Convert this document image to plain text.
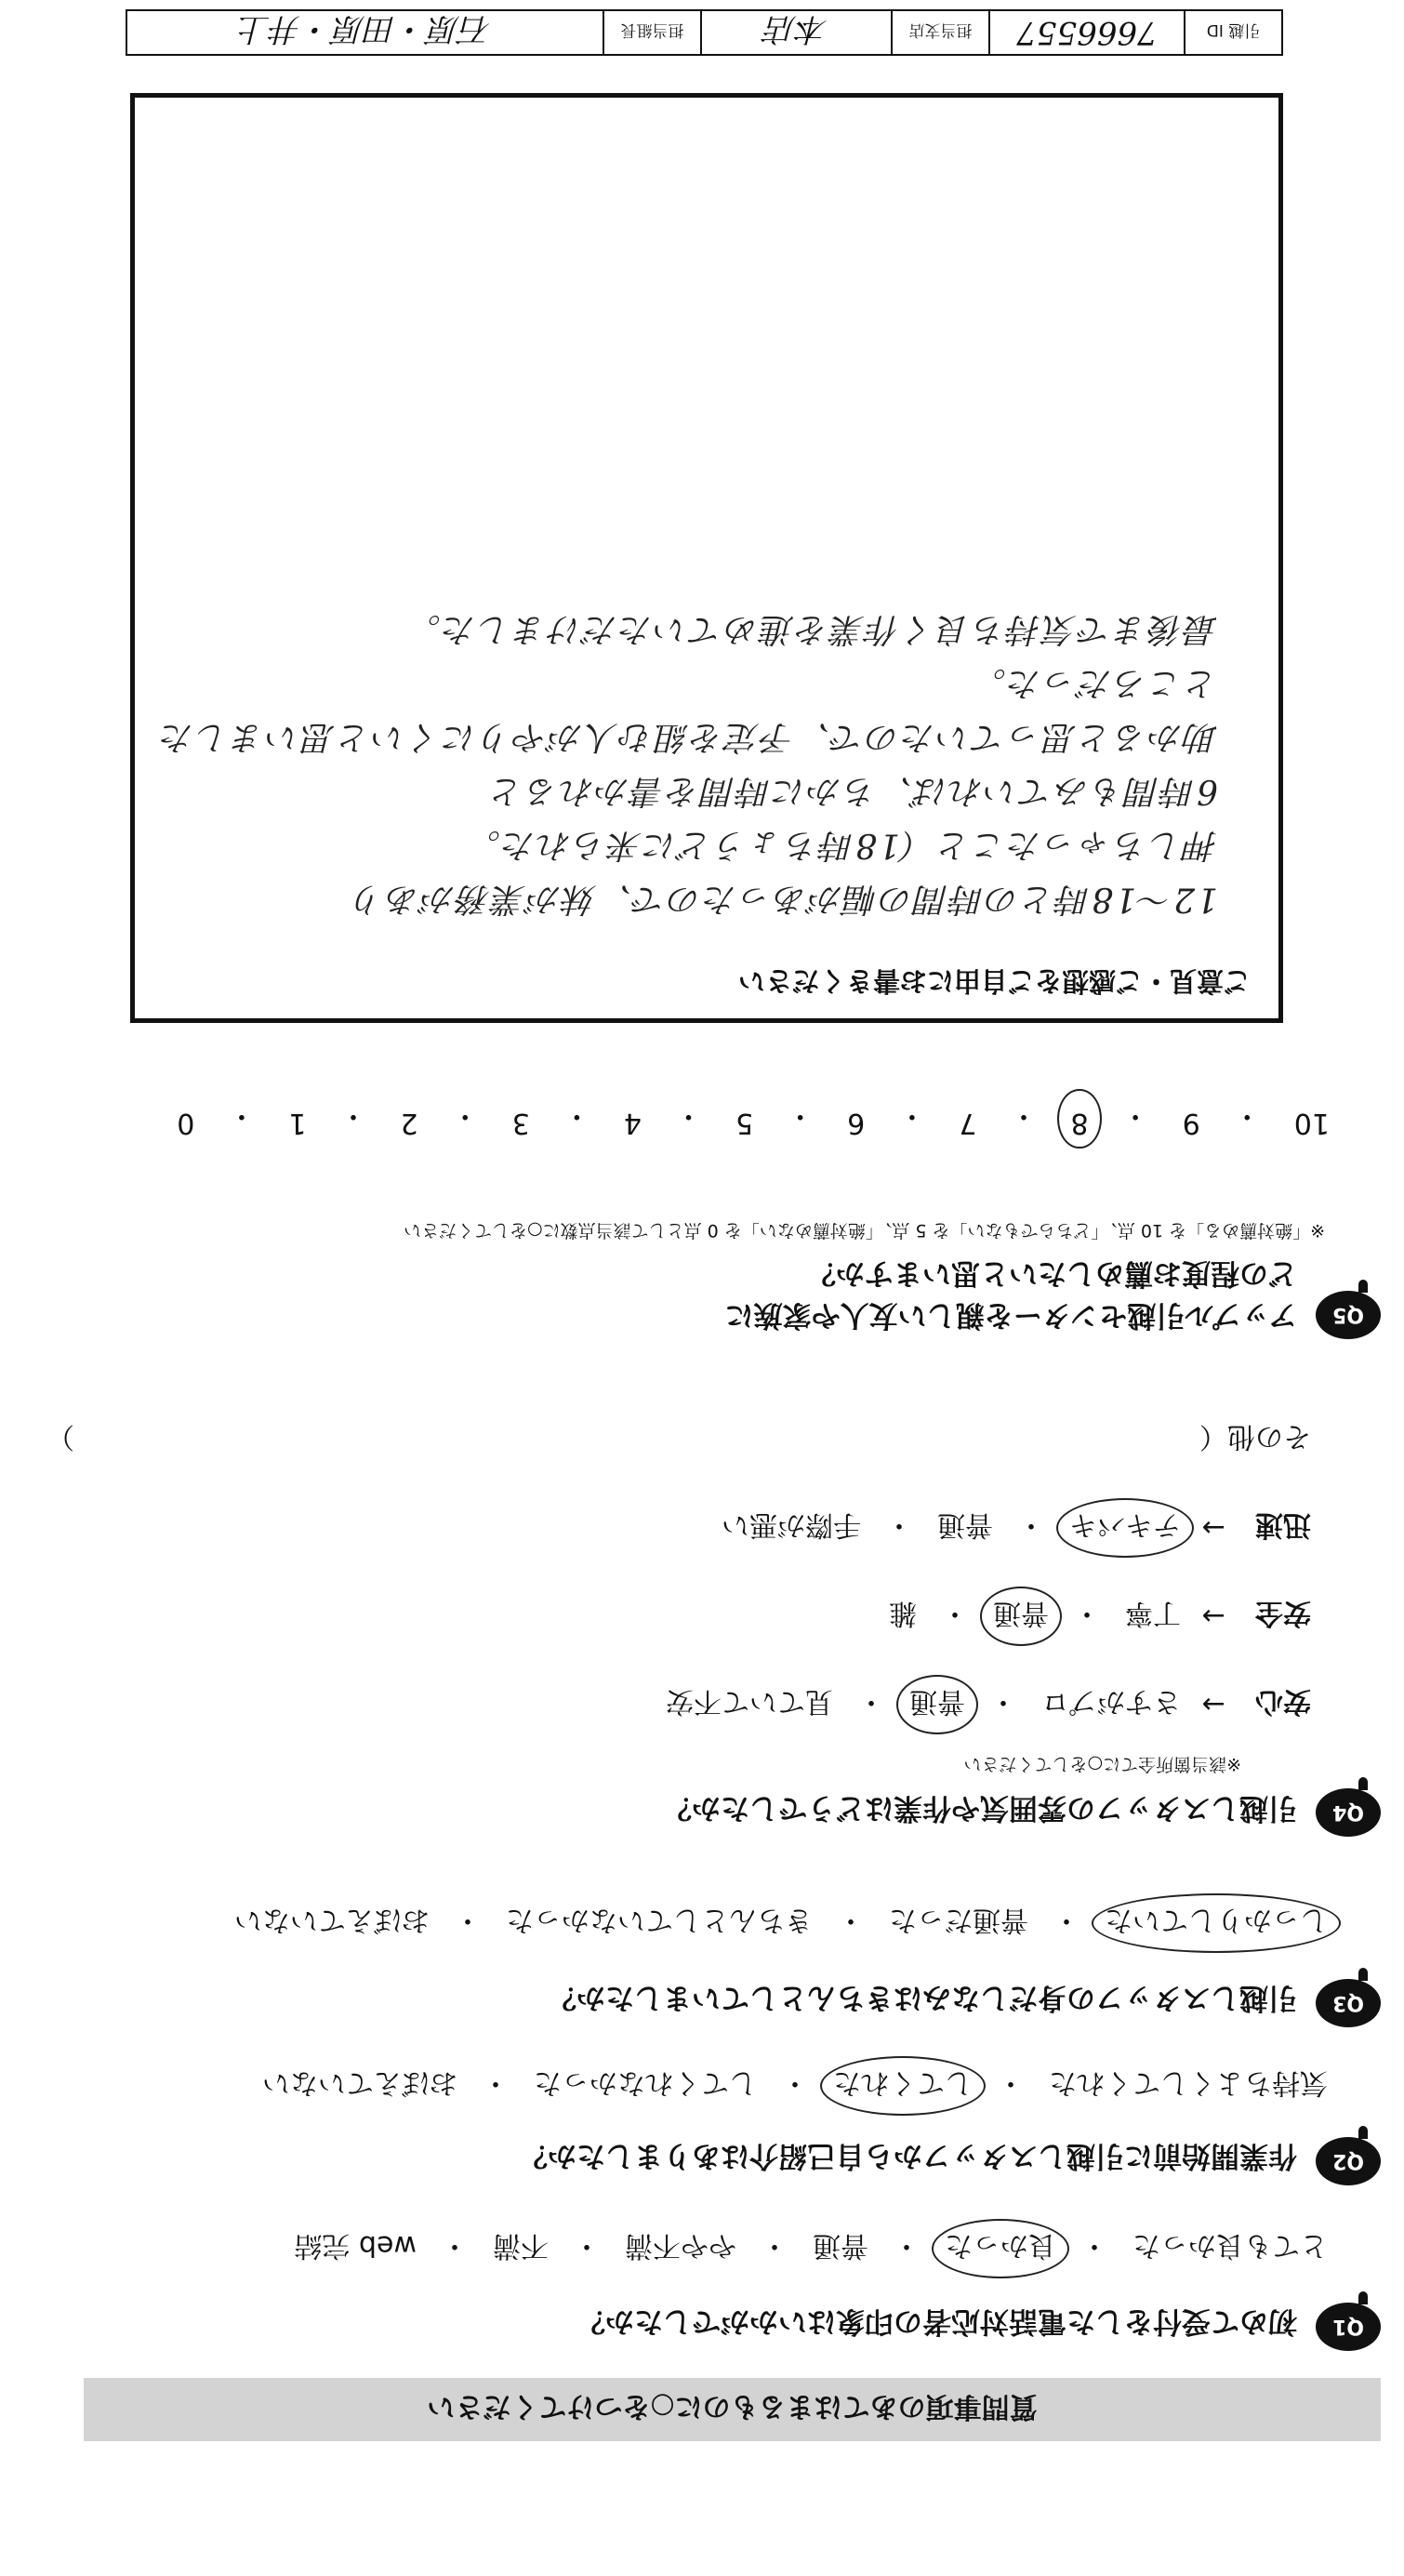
質問事項のあてはまるものに○をつけてください
Q1
初めて受付をした電話対応者の印象はいかがでしたか？
とても良かった
・
良かった
・
普通
・
やや不満
・
不満
・
web 完結
Q2
作業開始前に引越しスタッフから自己紹介はありましたか？
気持ちよくしてくれた
・
してくれた
・
してくれなかった
・
おぼえていない
Q3
引越しスタッフの身だしなみはきちんとしていましたか？
しっかりしていた
・
普通だった
・
きちんとしていなかった
・
おぼえていない
Q4
引越しスタッフの雰囲気や作業はどうでしたか？
※該当箇所全てに○をしてください
安心
→
さすがプロ
・
普通
・
見ていて不安
安全
→
丁寧
・
普通
・
雑
迅速
→
テキパキ
・
普通
・
手際が悪い
その他（
）
Q5
アップル引越センターを親しい友人や家族に
どの程度お薦めしたいと思いますか？
※「絶対薦める」を 10 点、「どちらでもない」を 5 点、「絶対薦めない」を 0 点として該当点数に○をしてください
10
・
9
・
8
・
7
・
6
・
5
・
4
・
3
・
2
・
1
・
0
ご意見・ご感想をご自由にお書きください
12～18時との時間の幅があったので、妹が業務があり
押しちゃったこと（18時ちょうどに来られた。
6時間もみていれば、ちかに時間を書かれると
助かると思っていたので、予定を組む人がやりにくいと思いました
ところだった。
最後まで気持ち良く作業を進めていただけました。
引越 ID
7666557
担当支店
本店
担当組長
石原・田原・井上
